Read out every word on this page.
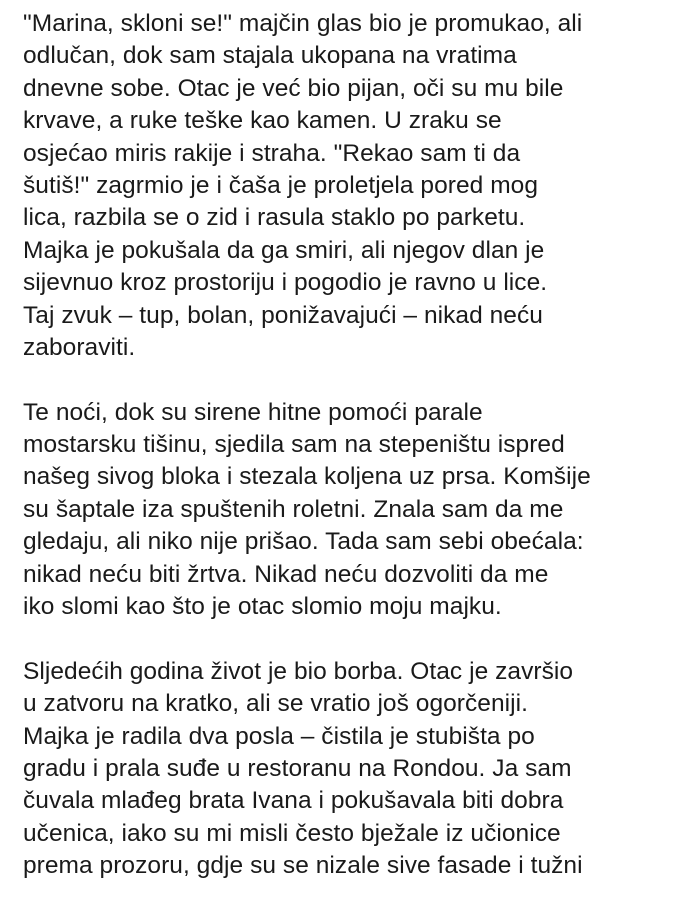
"Marina, skloni se!" majčin glas bio je promukao, ali
odlučan, dok sam stajala ukopana na vratima
dnevne sobe. Otac je već bio pijan, oči su mu bile
krvave, a ruke teške kao kamen. U zraku se
osjećao miris rakije i straha. "Rekao sam ti da
šutiš!" zagrmio je i čaša je proletjela pored mog
lica, razbila se o zid i rasula staklo po parketu.
Majka je pokušala da ga smiri, ali njegov dlan je
sijevnuo kroz prostoriju i pogodio je ravno u lice.
Taj zvuk – tup, bolan, ponižavajući – nikad neću
zaboraviti.
Te noći, dok su sirene hitne pomoći parale
mostarsku tišinu, sjedila sam na stepeništu ispred
našeg sivog bloka i stezala koljena uz prsa. Komšije
su šaptale iza spuštenih roletni. Znala sam da me
gledaju, ali niko nije prišao. Tada sam sebi obećala:
nikad neću biti žrtva. Nikad neću dozvoliti da me
iko slomi kao što je otac slomio moju majku.
Sljedećih godina život je bio borba. Otac je završio
u zatvoru na kratko, ali se vratio još ogorčeniji.
Majka je radila dva posla – čistila je stubišta po
gradu i prala suđe u restoranu na Rondou. Ja sam
čuvala mlađeg brata Ivana i pokušavala biti dobra
učenica, iako su mi misli često bježale iz učionice
prema prozoru, gdje su se nizale sive fasade i tužni
